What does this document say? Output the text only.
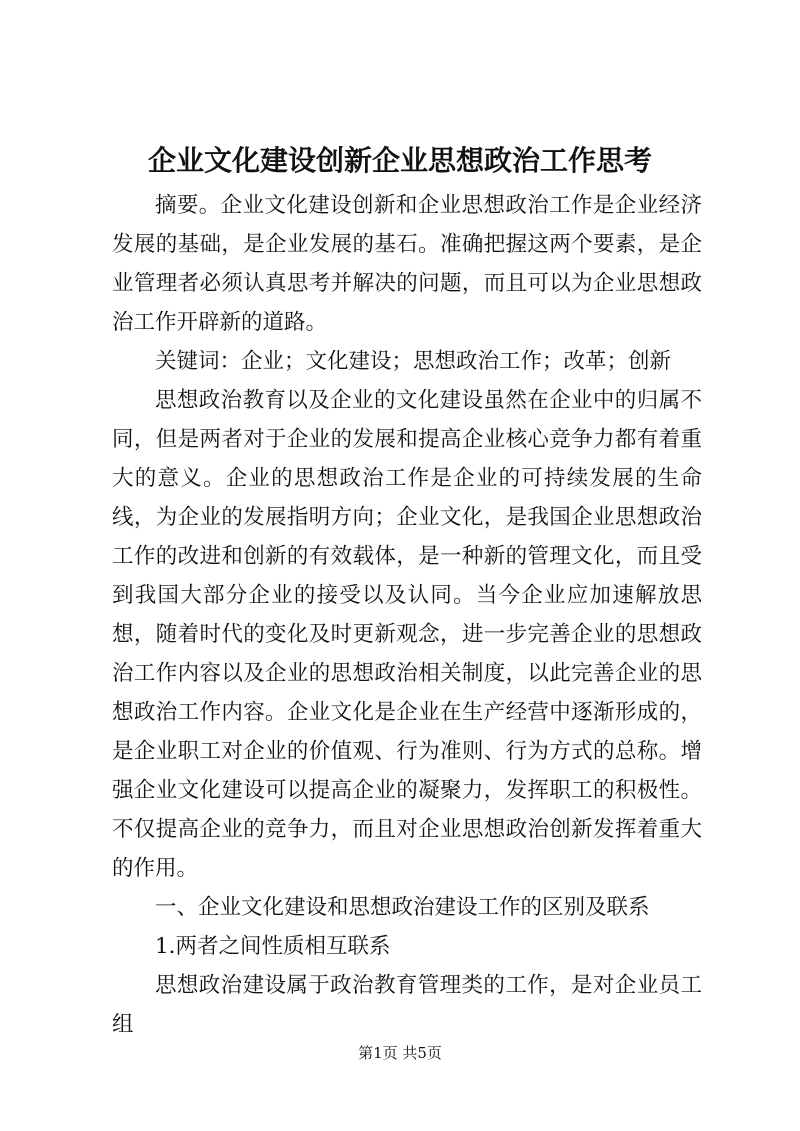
企业文化建设创新企业思想政治工作思考

摘要。企业文化建设创新和企业思想政治工作是企业经济发展的基础，是企业发展的基石。准确把握这两个要素，是企业管理者必须认真思考并解决的问题，而且可以为企业思想政治工作开辟新的道路。

关键词：企业；文化建设；思想政治工作；改革；创新

思想政治教育以及企业的文化建设虽然在企业中的归属不同，但是两者对于企业的发展和提高企业核心竞争力都有着重大的意义。企业的思想政治工作是企业的可持续发展的生命线，为企业的发展指明方向；企业文化，是我国企业思想政治工作的改进和创新的有效载体，是一种新的管理文化，而且受到我国大部分企业的接受以及认同。当今企业应加速解放思想，随着时代的变化及时更新观念，进一步完善企业的思想政治工作内容以及企业的思想政治相关制度，以此完善企业的思想政治工作内容。企业文化是企业在生产经营中逐渐形成的，是企业职工对企业的价值观、行为准则、行为方式的总称。增强企业文化建设可以提高企业的凝聚力，发挥职工的积极性。不仅提高企业的竞争力，而且对企业思想政治创新发挥着重大的作用。

一、企业文化建设和思想政治建设工作的区别及联系

1.两者之间性质相互联系

思想政治建设属于政治教育管理类的工作，是对企业员工组

第1页 共5页
